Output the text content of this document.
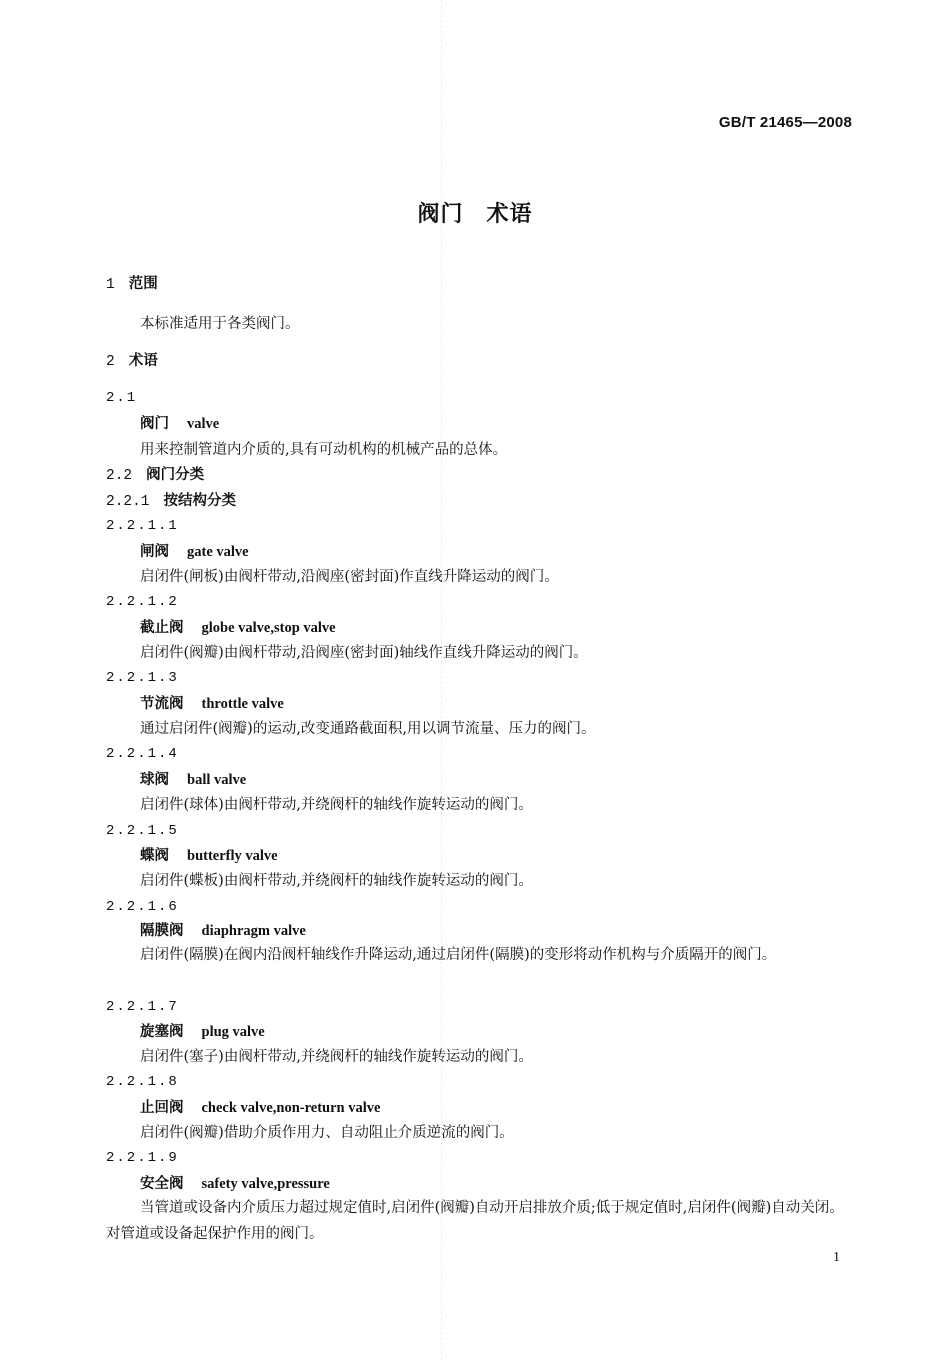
GB/T 21465—2008
阀门　术语
1 范围
本标准适用于各类阀门。
2 术语
2.1
阀门 valve
用来控制管道内介质的,具有可动机构的机械产品的总体。
2.2 阀门分类
2.2.1 按结构分类
2.2.1.1
闸阀 gate valve
启闭件(闸板)由阀杆带动,沿阀座(密封面)作直线升降运动的阀门。
2.2.1.2
截止阀 globe valve,stop valve
启闭件(阀瓣)由阀杆带动,沿阀座(密封面)轴线作直线升降运动的阀门。
2.2.1.3
节流阀 throttle valve
通过启闭件(阀瓣)的运动,改变通路截面积,用以调节流量、压力的阀门。
2.2.1.4
球阀 ball valve
启闭件(球体)由阀杆带动,并绕阀杆的轴线作旋转运动的阀门。
2.2.1.5
蝶阀 butterfly valve
启闭件(蝶板)由阀杆带动,并绕阀杆的轴线作旋转运动的阀门。
2.2.1.6
隔膜阀 diaphragm valve
启闭件(隔膜)在阀内沿阀杆轴线作升降运动,通过启闭件(隔膜)的变形将动作机构与介质隔开的阀门。
2.2.1.7
旋塞阀 plug valve
启闭件(塞子)由阀杆带动,并绕阀杆的轴线作旋转运动的阀门。
2.2.1.8
止回阀 check valve,non-return valve
启闭件(阀瓣)借助介质作用力、自动阻止介质逆流的阀门。
2.2.1.9
安全阀 safety valve,pressure
当管道或设备内介质压力超过规定值时,启闭件(阀瓣)自动开启排放介质;低于规定值时,启闭件(阀瓣)自动关闭。对管道或设备起保护作用的阀门。
1
